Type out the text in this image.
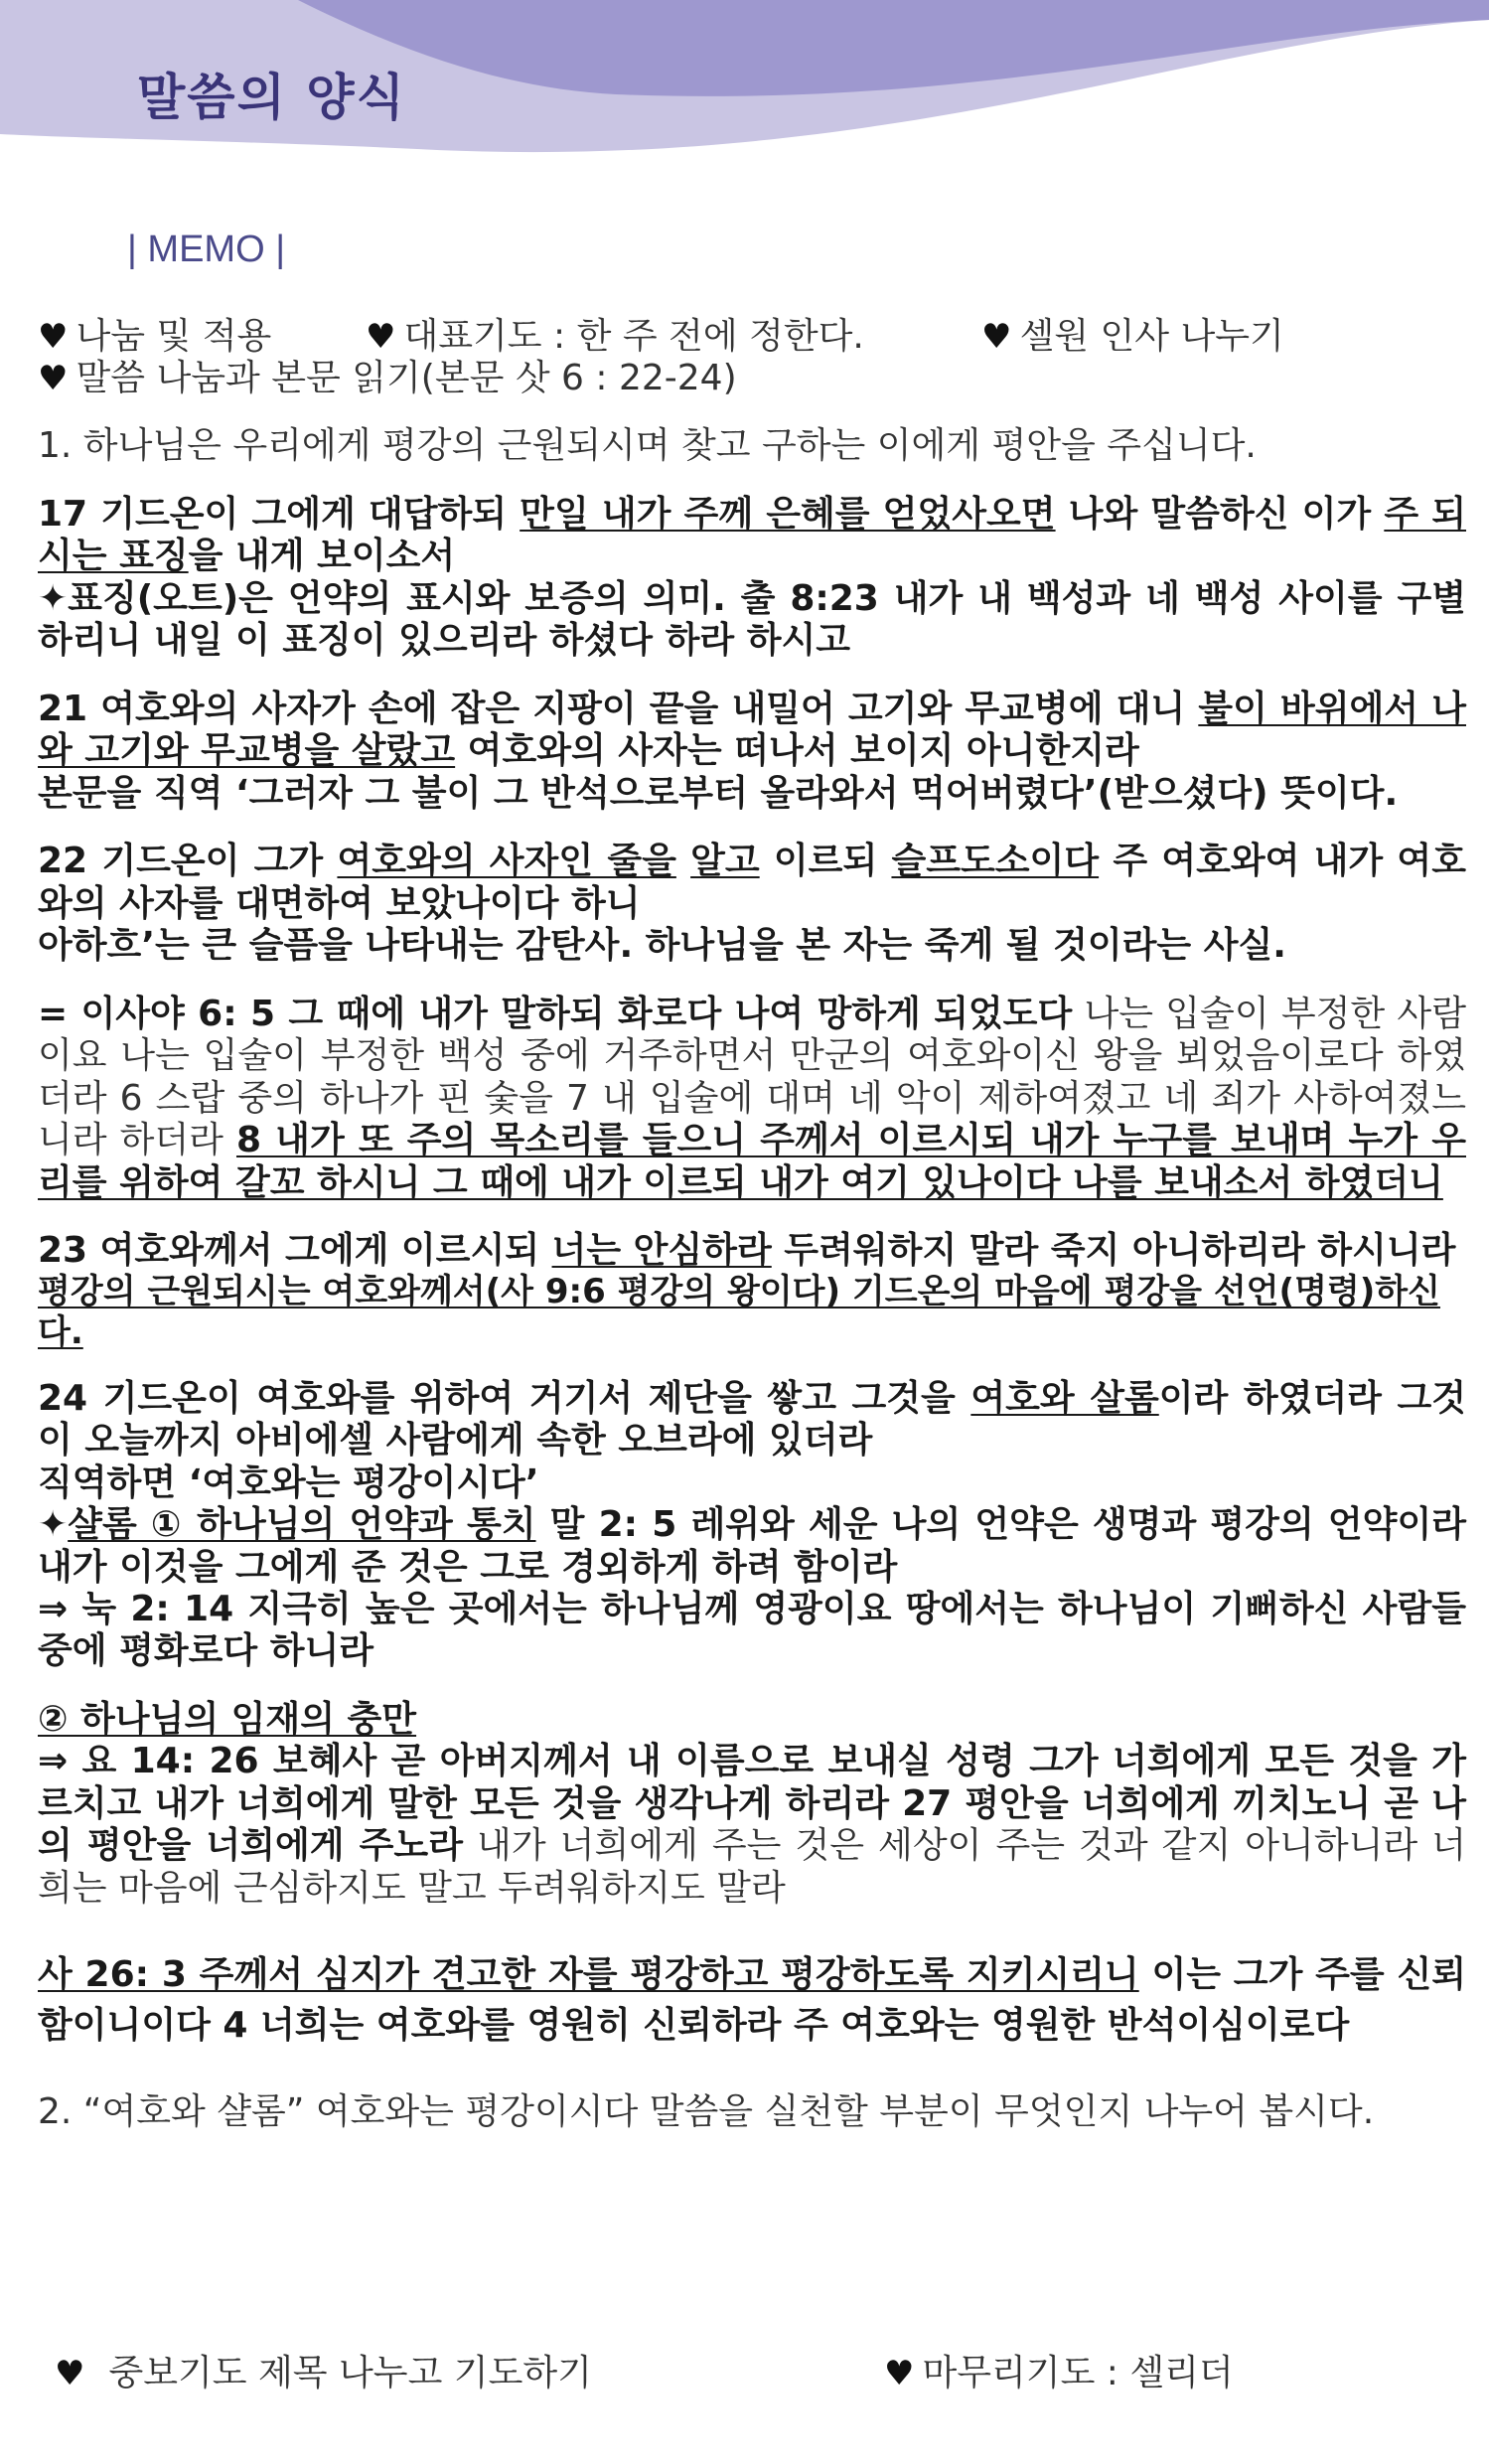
말씀의 양식
| MEMO |
♥ 나눔 및 적용	♥ 대표기도 : 한 주 전에 정한다.	♥ 셀원 인사 나누기
♥ 말씀 나눔과 본문 읽기(본문 삿 6 : 22-24)
1. 하나님은 우리에게 평강의 근원되시며 찾고 구하는 이에게 평안을 주십니다.
17 기드온이 그에게 대답하되 만일 내가 주께 은혜를 얻었사오면 나와 말씀하신 이가 주 되시는 표징을 내게 보이소서
✦표징(오트)은 언약의 표시와 보증의 의미. 출 8:23 내가 내 백성과 네 백성 사이를 구별하리니 내일 이 표징이 있으리라 하셨다 하라 하시고
21 여호와의 사자가 손에 잡은 지팡이 끝을 내밀어 고기와 무교병에 대니 불이 바위에서 나와 고기와 무교병을 살랐고 여호와의 사자는 떠나서 보이지 아니한지라
본문을 직역 ‘그러자 그 불이 그 반석으로부터 올라와서 먹어버렸다’(받으셨다) 뜻이다.
22 기드온이 그가 여호와의 사자인 줄을 알고 이르되 슬프도소이다 주 여호와여 내가 여호와의 사자를 대면하여 보았나이다 하니
아하흐’는 큰 슬픔을 나타내는 감탄사. 하나님을 본 자는 죽게 될 것이라는 사실.
= 이사야 6: 5 그 때에 내가 말하되 화로다 나여 망하게 되었도다 나는 입술이 부정한 사람이요 나는 입술이 부정한 백성 중에 거주하면서 만군의 여호와이신 왕을 뵈었음이로다 하였더라 6 스랍 중의 하나가 핀 숯을 7 내 입술에 대며 네 악이 제하여졌고 네 죄가 사하여졌느니라 하더라 8 내가 또 주의 목소리를 들으니 주께서 이르시되 내가 누구를 보내며 누가 우리를 위하여 갈꼬 하시니 그 때에 내가 이르되 내가 여기 있나이다 나를 보내소서 하였더니
23 여호와께서 그에게 이르시되 너는 안심하라 두려워하지 말라 죽지 아니하리라 하시니라
평강의 근원되시는 여호와께서(사 9:6 평강의 왕이다) 기드온의 마음에 평강을 선언(명령)하신다.
24 기드온이 여호와를 위하여 거기서 제단을 쌓고 그것을 여호와 살롬이라 하였더라 그것이 오늘까지 아비에셀 사람에게 속한 오브라에 있더라
직역하면 ‘여호와는 평강이시다’
✦샬롬 ① 하나님의 언약과 통치 말 2: 5 레위와 세운 나의 언약은 생명과 평강의 언약이라 내가 이것을 그에게 준 것은 그로 경외하게 하려 함이라
⇒ 눅 2: 14 지극히 높은 곳에서는 하나님께 영광이요 땅에서는 하나님이 기뻐하신 사람들 중에 평화로다 하니라
② 하나님의 임재의 충만
⇒ 요 14: 26 보혜사 곧 아버지께서 내 이름으로 보내실 성령 그가 너희에게 모든 것을 가르치고 내가 너희에게 말한 모든 것을 생각나게 하리라 27 평안을 너희에게 끼치노니 곧 나의 평안을 너희에게 주노라 내가 너희에게 주는 것은 세상이 주는 것과 같지 아니하니라 너희는 마음에 근심하지도 말고 두려워하지도 말라
사 26: 3 주께서 심지가 견고한 자를 평강하고 평강하도록 지키시리니 이는 그가 주를 신뢰함이니이다 4 너희는 여호와를 영원히 신뢰하라 주 여호와는 영원한 반석이심이로다
2. “여호와 샬롬” 여호와는 평강이시다 말씀을 실천할 부분이 무엇인지 나누어 봅시다.
♥ 중보기도 제목 나누고 기도하기	♥ 마무리기도 : 셀리더
